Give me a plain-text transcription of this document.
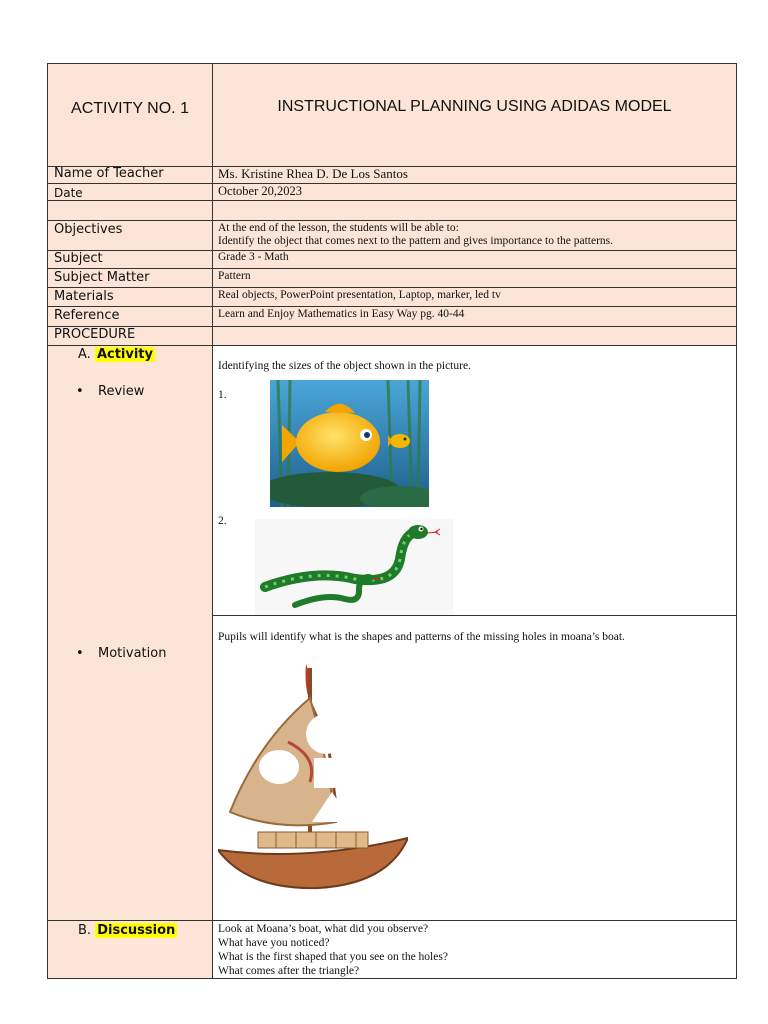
ACTIVITY NO. 1	INSTRUCTIONAL PLANNING USING ADIDAS MODEL
Name of Teacher
Date
Objectives
Subject
Subject Matter
Materials
Reference
PROCEDURE
Ms. Kristine Rhea D. De Los Santos
October 20,2023
At the end of the lesson, the students will be able to:
Identify the object that comes next to the pattern and gives importance to the patterns.
Grade 3 - Math
Pattern
Real objects, PowerPoint presentation, Laptop, marker, led tv
Learn and Enjoy Mathematics in Easy Way pg. 40-44
A. Activity
• Review
Identifying the sizes of the object shown in the picture.
1.
2.
Pupils will identify what is the shapes and patterns of the missing holes in moana’s boat.
• Motivation
B. Discussion	Look at Moana’s boat, what did you observe?
What have you noticed?
What is the first shaped that you see on the holes?
What comes after the triangle?
